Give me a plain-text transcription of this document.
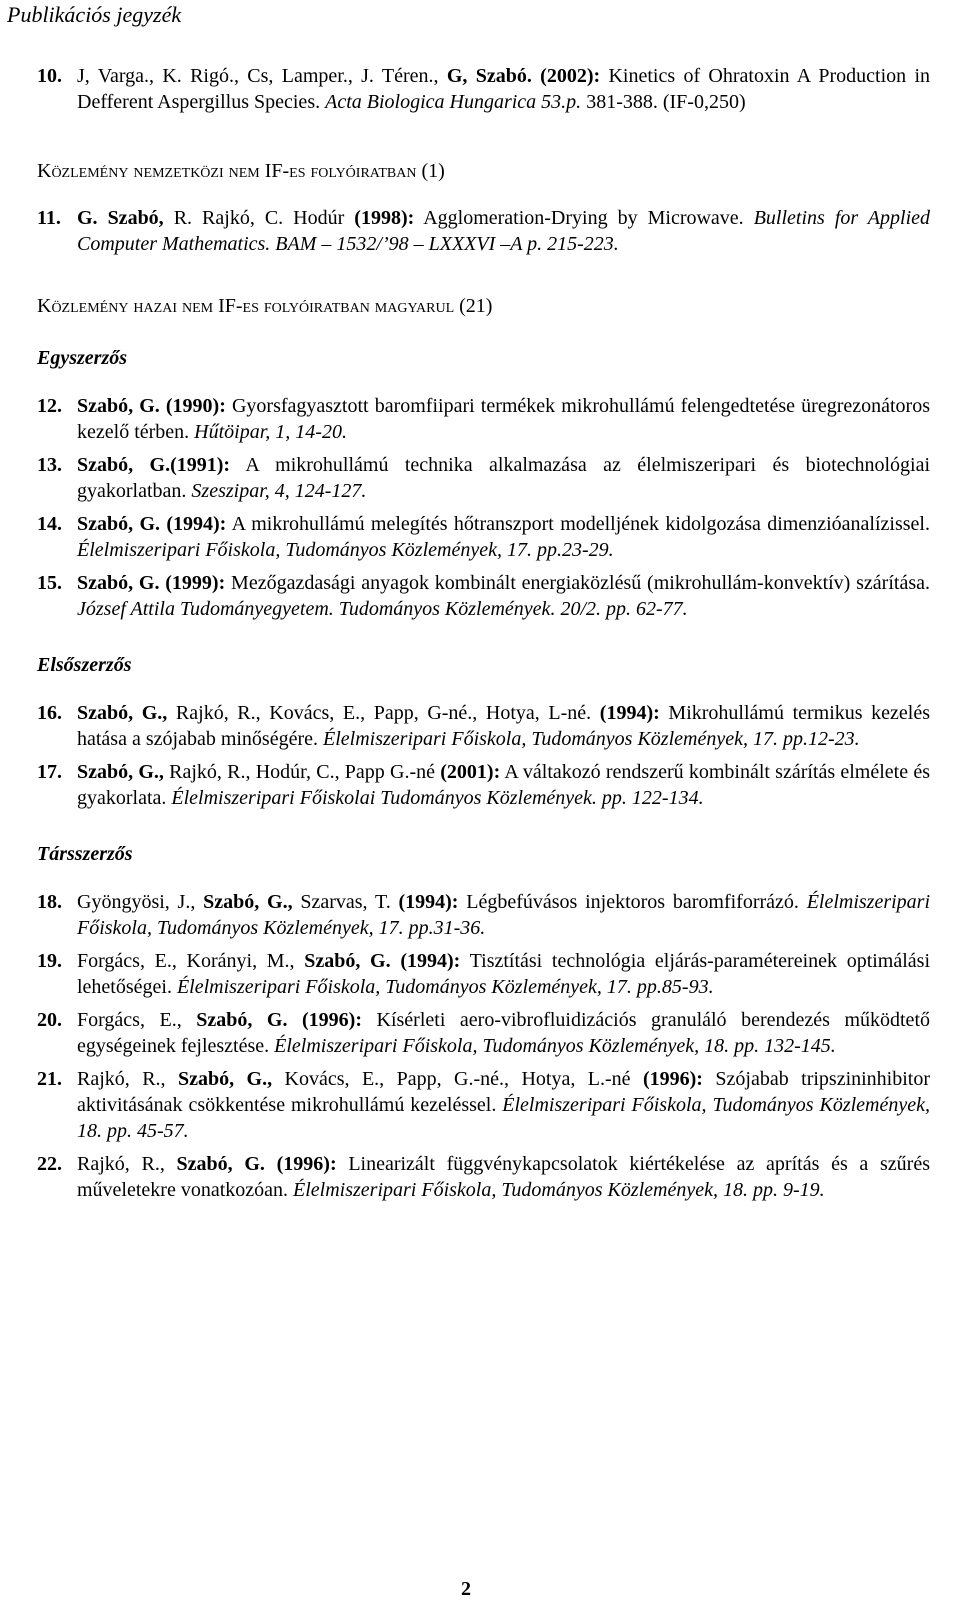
Publikációs jegyzék
10. J, Varga., K. Rigó., Cs, Lamper., J. Téren., G, Szabó. (2002): Kinetics of Ohratoxin A Production in Defferent Aspergillus Species. Acta Biologica Hungarica 53.p. 381-388. (IF-0,250)
Közlemény nemzetközi nem IF-es folyóiratban (1)
11. G. Szabó, R. Rajkó, C. Hodúr (1998): Agglomeration-Drying by Microwave. Bulletins for Applied Computer Mathematics. BAM – 1532/’98 – LXXXVI –A p. 215-223.
Közlemény hazai nem IF-es folyóiratban magyarul (21)
Egyszerzős
12. Szabó, G. (1990): Gyorsfagyasztott baromfiipari termékek mikrohullámú felengedtetése üregrezonátoros kezelő térben. Hűtöipar, 1, 14-20.
13. Szabó, G.(1991): A mikrohullámú technika alkalmazása az élelmiszeripari és biotechnológiai gyakorlatban. Szeszipar, 4, 124-127.
14. Szabó, G. (1994): A mikrohullámú melegítés hőtranszport modelljének kidolgozása dimenzióanalízissel. Élelmiszeripari Főiskola, Tudományos Közlemények, 17. pp.23-29.
15. Szabó, G. (1999): Mezőgazdasági anyagok kombinált energiaközlésű (mikrohullám-konvektív) szárítása. József Attila Tudományegyetem. Tudományos Közlemények. 20/2. pp. 62-77.
Elsőszerzős
16. Szabó, G., Rajkó, R., Kovács, E., Papp, G-né., Hotya, L-né. (1994): Mikrohullámú termikus kezelés hatása a szójabab minőségére. Élelmiszeripari Főiskola, Tudományos Közlemények, 17. pp.12-23.
17. Szabó, G., Rajkó, R., Hodúr, C., Papp G.-né (2001): A váltakozó rendszerű kombinált szárítás elmélete és gyakorlata. Élelmiszeripari Főiskolai Tudományos Közlemények. pp. 122-134.
Társszerzős
18. Gyöngyösi, J., Szabó, G., Szarvas, T. (1994): Légbefúvásos injektoros baromfiforrázó. Élelmiszeripari Főiskola, Tudományos Közlemények, 17. pp.31-36.
19. Forgács, E., Korányi, M., Szabó, G. (1994): Tisztítási technológia eljárás-paramétereinek optimálási lehetőségei. Élelmiszeripari Főiskola, Tudományos Közlemények, 17. pp.85-93.
20. Forgács, E., Szabó, G. (1996): Kísérleti aero-vibrofluidizációs granuláló berendezés működtető egységeinek fejlesztése. Élelmiszeripari Főiskola, Tudományos Közlemények, 18. pp. 132-145.
21. Rajkó, R., Szabó, G., Kovács, E., Papp, G.-né., Hotya, L.-né (1996): Szójabab tripszininhibitor aktivitásának csökkentése mikrohullámú kezeléssel. Élelmiszeripari Főiskola, Tudományos Közlemények, 18. pp. 45-57.
22. Rajkó, R., Szabó, G. (1996): Linearizált függvénykapcsolatok kiértékelése az aprítás és a szűrés műveletekre vonatkozóan. Élelmiszeripari Főiskola, Tudományos Közlemények, 18. pp. 9-19.
2
